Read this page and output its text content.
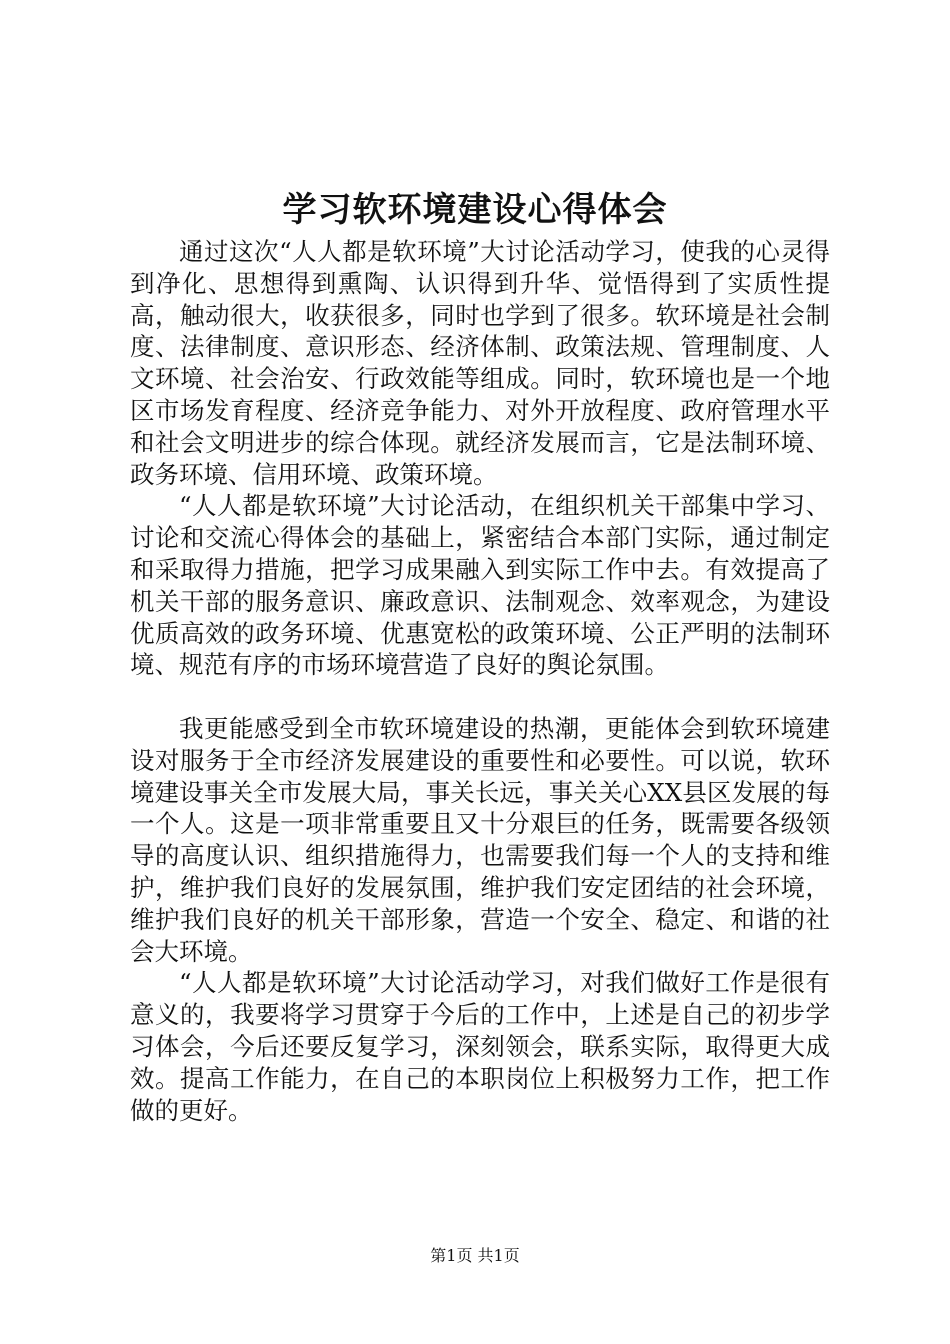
学习软环境建设心得体会

通过这次“人人都是软环境”大讨论活动学习，使我的心灵得到净化、思想得到熏陶、认识得到升华、觉悟得到了实质性提高，触动很大，收获很多，同时也学到了很多。软环境是社会制度、法律制度、意识形态、经济体制、政策法规、管理制度、人文环境、社会治安、行政效能等组成。同时，软环境也是一个地区市场发育程度、经济竞争能力、对外开放程度、政府管理水平和社会文明进步的综合体现。就经济发展而言，它是法制环境、政务环境、信用环境、政策环境。

“人人都是软环境”大讨论活动，在组织机关干部集中学习、讨论和交流心得体会的基础上，紧密结合本部门实际，通过制定和采取得力措施，把学习成果融入到实际工作中去。有效提高了机关干部的服务意识、廉政意识、法制观念、效率观念，为建设优质高效的政务环境、优惠宽松的政策环境、公正严明的法制环境、规范有序的市场环境营造了良好的舆论氛围。

我更能感受到全市软环境建设的热潮，更能体会到软环境建设对服务于全市经济发展建设的重要性和必要性。可以说，软环境建设事关全市发展大局，事关长远，事关关心XX县区发展的每一个人。这是一项非常重要且又十分艰巨的任务，既需要各级领导的高度认识、组织措施得力，也需要我们每一个人的支持和维护，维护我们良好的发展氛围，维护我们安定团结的社会环境，维护我们良好的机关干部形象，营造一个安全、稳定、和谐的社会大环境。

“人人都是软环境”大讨论活动学习，对我们做好工作是很有意义的，我要将学习贯穿于今后的工作中，上述是自己的初步学习体会，今后还要反复学习，深刻领会，联系实际，取得更大成效。提高工作能力，在自己的本职岗位上积极努力工作，把工作做的更好。

第1页 共1页
